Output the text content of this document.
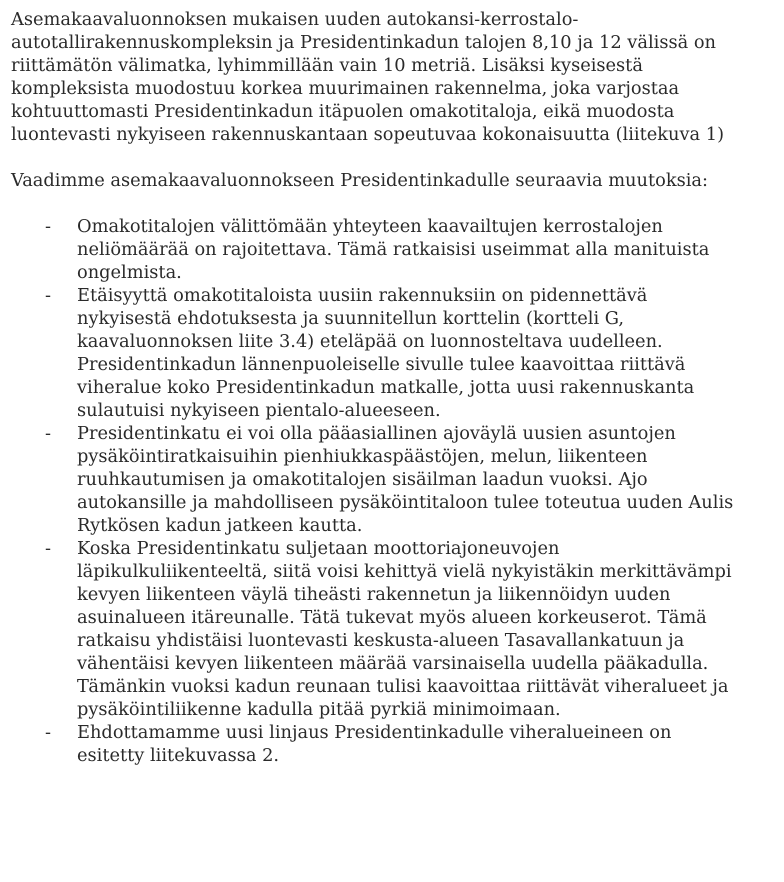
Asemakaavaluonnoksen mukaisen uuden autokansi-kerrostalo-
autotallirakennuskompleksin ja Presidentinkadun talojen 8,10 ja 12 välissä on
riittämätön välimatka, lyhimmillään vain 10 metriä. Lisäksi kyseisestä
kompleksista muodostuu korkea muurimainen rakennelma, joka varjostaa
kohtuuttomasti Presidentinkadun itäpuolen omakotitaloja, eikä muodosta
luontevasti nykyiseen rakennuskantaan sopeutuvaa kokonaisuutta (liitekuva 1)

Vaadimme asemakaavaluonnokseen Presidentinkadulle seuraavia muutoksia:

- Omakotitalojen välittömään yhteyteen kaavailtujen kerrostalojen
neliömäärää on rajoitettava. Tämä ratkaisisi useimmat alla manituista
ongelmista.
- Etäisyyttä omakotitaloista uusiin rakennuksiin on pidennettävä
nykyisestä ehdotuksesta ja suunnitellun korttelin (kortteli G,
kaavaluonnoksen liite 3.4) eteläpää on luonnosteltava uudelleen.
Presidentinkadun lännenpuoleiselle sivulle tulee kaavoittaa riittävä
viheralue koko Presidentinkadun matkalle, jotta uusi rakennuskanta
sulautuisi nykyiseen pientalo-alueeseen.
- Presidentinkatu ei voi olla pääasiallinen ajoväylä uusien asuntojen
pysäköintiratkaisuihin pienhiukkaspäästöjen, melun, liikenteen
ruuhkautumisen ja omakotitalojen sisäilman laadun vuoksi. Ajo
autokansille ja mahdolliseen pysäköintitaloon tulee toteutua uuden Aulis
Rytkösen kadun jatkeen kautta.
- Koska Presidentinkatu suljetaan moottoriajoneuvojen
läpikulkuliikenteeltä, siitä voisi kehittyä vielä nykyistäkin merkittävämpi
kevyen liikenteen väylä tiheästi rakennetun ja liikennöidyn uuden
asuinalueen itäreunalle. Tätä tukevat myös alueen korkeuserot. Tämä
ratkaisu yhdistäisi luontevasti keskusta-alueen Tasavallankatuun ja
vähentäisi kevyen liikenteen määrää varsinaisella uudella pääkadulla.
Tämänkin vuoksi kadun reunaan tulisi kaavoittaa riittävät viheralueet ja
pysäköintiliikenne kadulla pitää pyrkiä minimoimaan.
- Ehdottamamme uusi linjaus Presidentinkadulle viheralueineen on
esitetty liitekuvassa 2.
